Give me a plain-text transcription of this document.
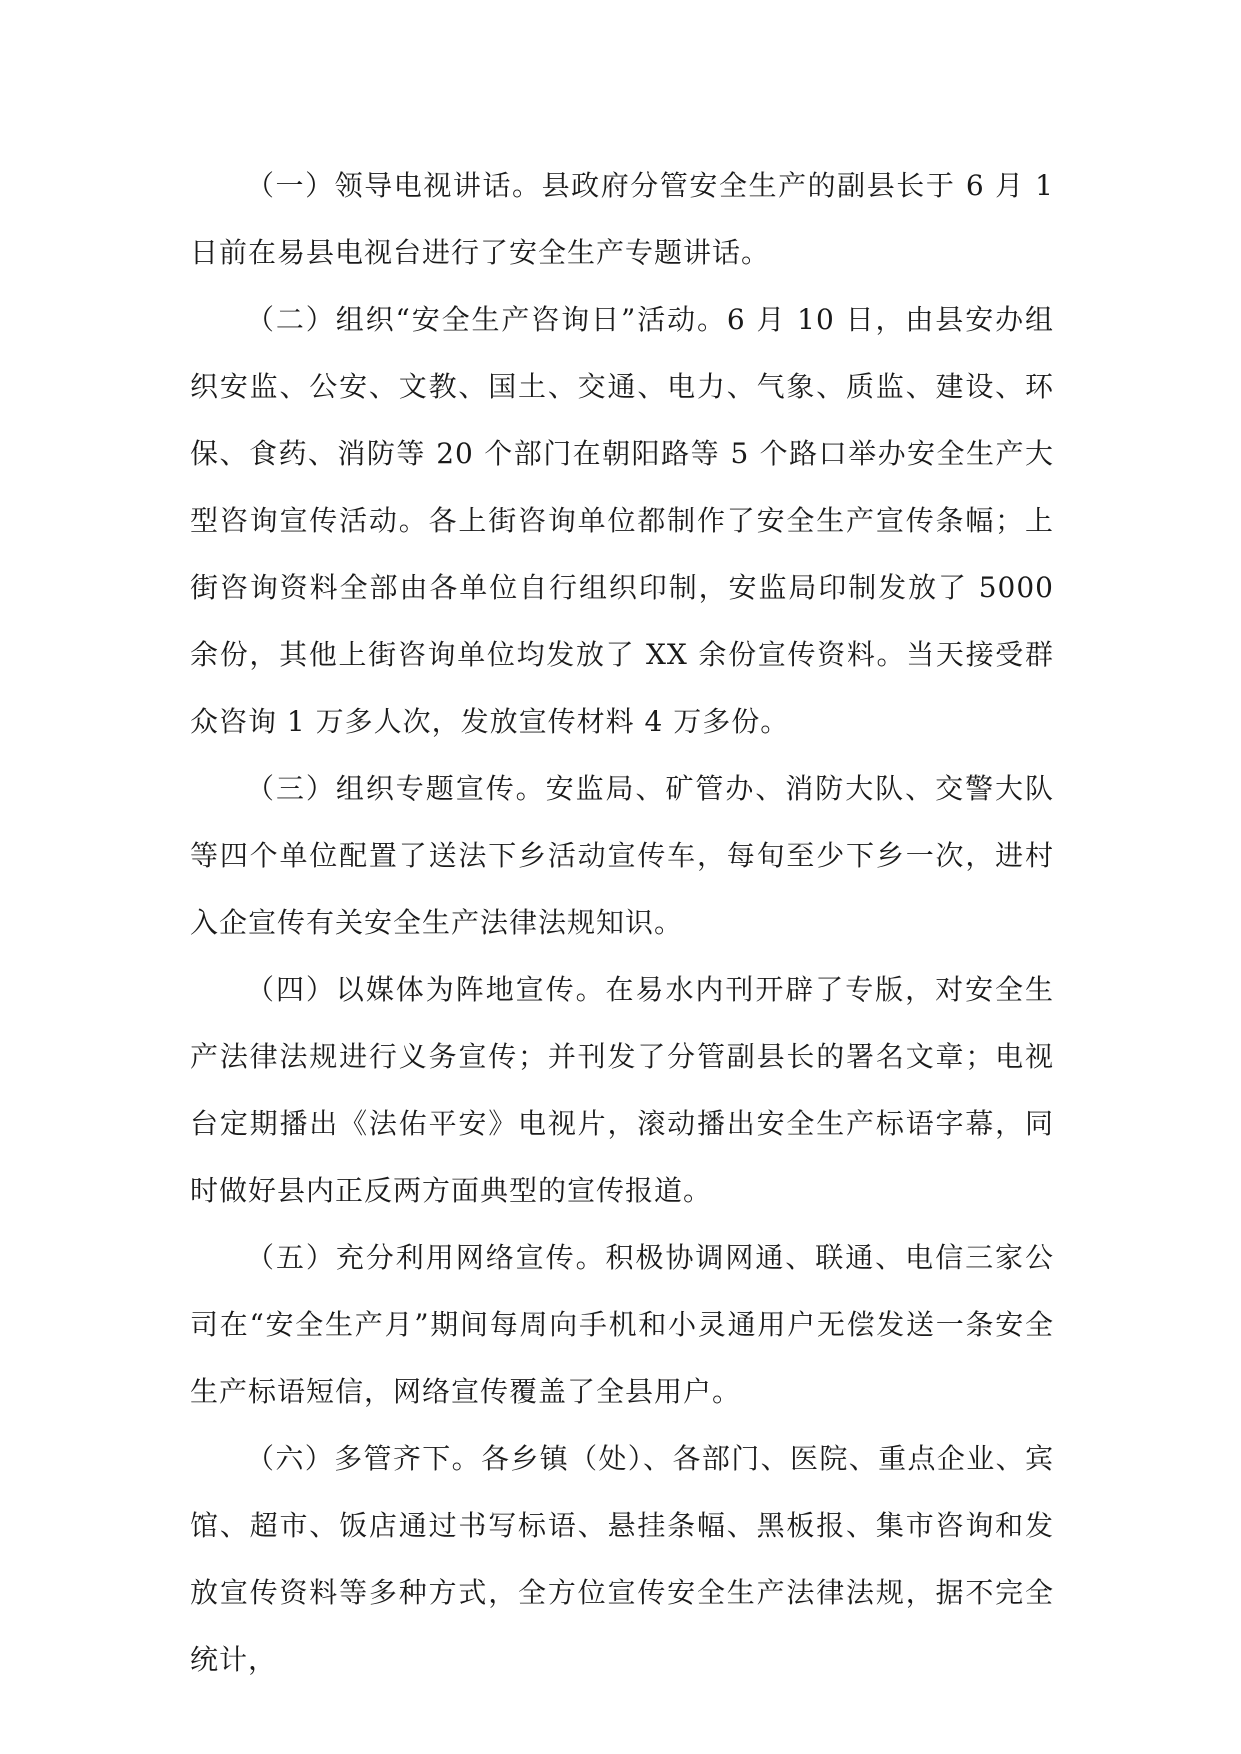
（一）领导电视讲话。县政府分管安全生产的副县长于 6 月 1 日前在易县电视台进行了安全生产专题讲话。

（二）组织“安全生产咨询日”活动。6 月 10 日，由县安办组织安监、公安、文教、国土、交通、电力、气象、质监、建设、环保、食药、消防等 20 个部门在朝阳路等 5 个路口举办安全生产大型咨询宣传活动。各上街咨询单位都制作了安全生产宣传条幅；上街咨询资料全部由各单位自行组织印制，安监局印制发放了 5000 余份，其他上街咨询单位均发放了 XX 余份宣传资料。当天接受群众咨询 1 万多人次，发放宣传材料 4 万多份。

（三）组织专题宣传。安监局、矿管办、消防大队、交警大队等四个单位配置了送法下乡活动宣传车，每旬至少下乡一次，进村入企宣传有关安全生产法律法规知识。

（四）以媒体为阵地宣传。在易水内刊开辟了专版，对安全生产法律法规进行义务宣传；并刊发了分管副县长的署名文章；电视台定期播出《法佑平安》电视片，滚动播出安全生产标语字幕，同时做好县内正反两方面典型的宣传报道。

（五）充分利用网络宣传。积极协调网通、联通、电信三家公司在“安全生产月”期间每周向手机和小灵通用户无偿发送一条安全生产标语短信，网络宣传覆盖了全县用户。

（六）多管齐下。各乡镇（处）、各部门、医院、重点企业、宾馆、超市、饭店通过书写标语、悬挂条幅、黑板报、集市咨询和发放宣传资料等多种方式，全方位宣传安全生产法律法规，据不完全统计，
